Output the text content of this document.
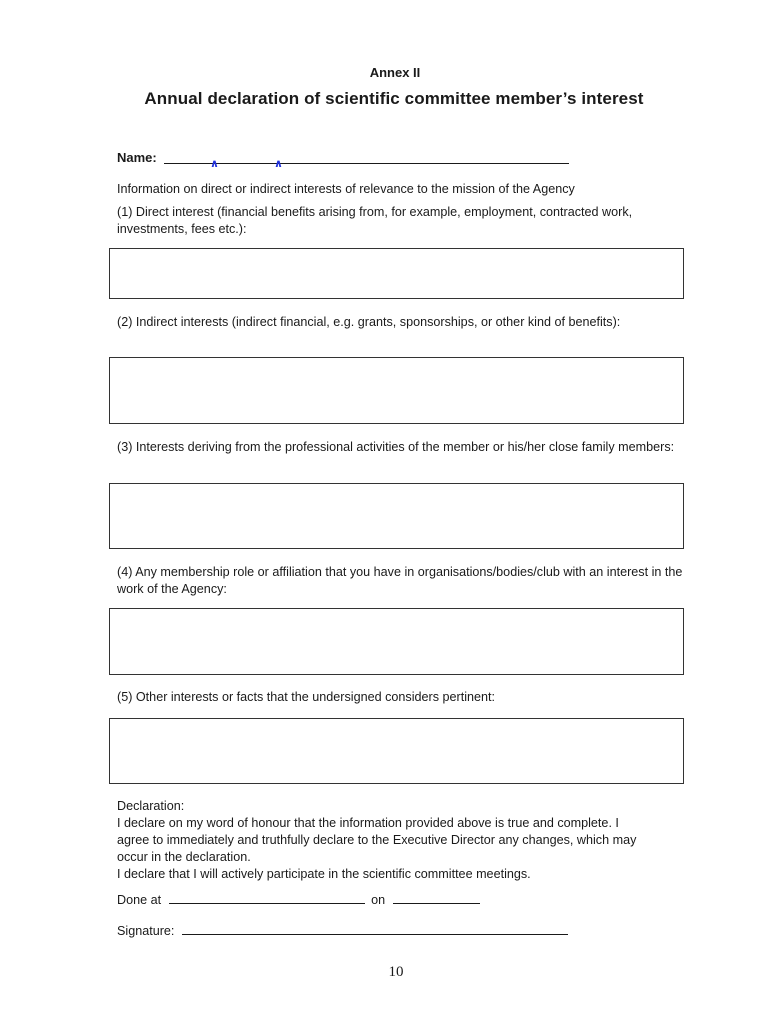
Annex II
Annual declaration of scientific committee member’s interest
Name:	∧	∧
Information on direct or indirect interests of relevance to the mission of the Agency
(1) Direct interest (financial benefits arising from, for example, employment, contracted work, investments, fees etc.):
(2) Indirect interests (indirect financial, e.g. grants, sponsorships, or other kind of benefits):
(3) Interests deriving from the professional activities of the member or his/her close family members:
(4) Any membership role or affiliation that you have in organisations/bodies/club with an interest in the work of the Agency:
(5) Other interests or facts that the undersigned considers pertinent:
Declaration:
I declare on my word of honour that the information provided above is true and complete. I agree to immediately and truthfully declare to the Executive Director any changes, which may occur in the declaration.
I declare that I will actively participate in the scientific committee meetings.
Done at	on
Signature:
10
